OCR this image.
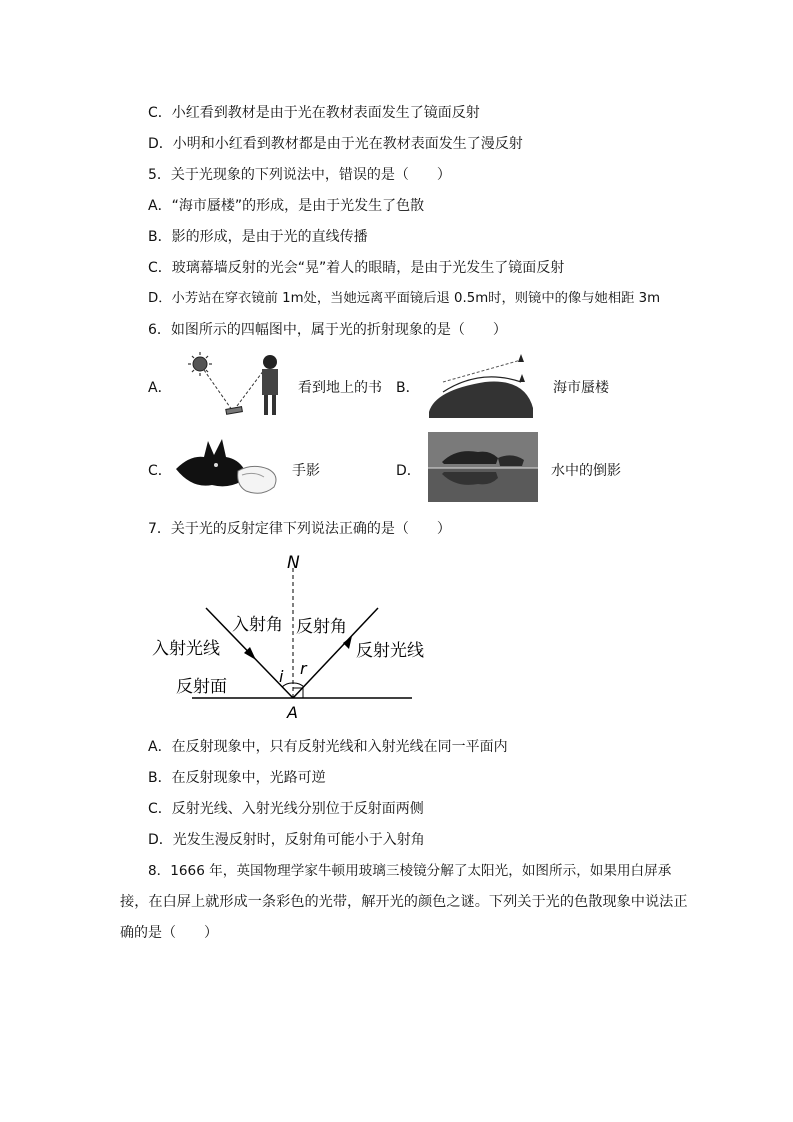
C．小红看到教材是由于光在教材表面发生了镜面反射
D．小明和小红看到教材都是由于光在教材表面发生了漫反射
5．关于光现象的下列说法中，错误的是（　　）
A．“海市蜃楼”的形成，是由于光发生了色散
B．影的形成，是由于光的直线传播
C．玻璃幕墙反射的光会“晃”着人的眼睛，是由于光发生了镜面反射
D．小芳站在穿衣镜前 1m处，当她远离平面镜后退 0.5m时，则镜中的像与她相距 3m
6．如图所示的四幅图中，属于光的折射现象的是（　　）
A．	看到地上的书 B．	海市蜃楼
C．	手影	D．	水中的倒影
7．关于光的反射定律下列说法正确的是（　　）
N
入射角 反射角
入射光线	反射光线
反射面
i r
A
A．在反射现象中，只有反射光线和入射光线在同一平面内
B．在反射现象中，光路可逆
C．反射光线、入射光线分别位于反射面两侧
D．光发生漫反射时，反射角可能小于入射角
8．1666 年，英国物理学家牛顿用玻璃三棱镜分解了太阳光，如图所示，如果用白屏承
接，在白屏上就形成一条彩色的光带，解开光的颜色之谜。下列关于光的色散现象中说法正
确的是（　　）
